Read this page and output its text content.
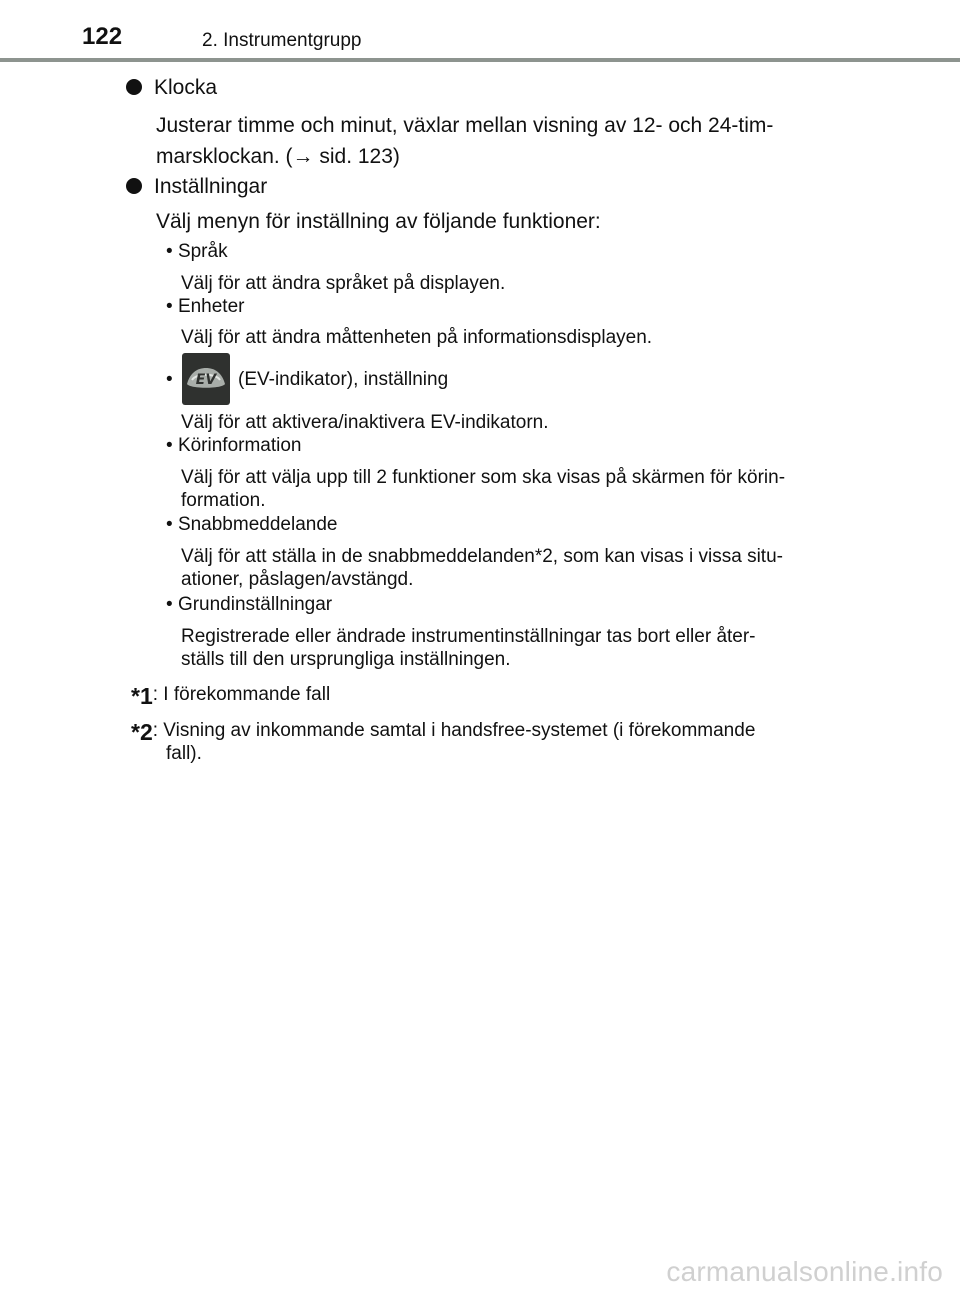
122	2. Instrumentgrupp
Klocka
Justerar timme och minut, växlar mellan visning av 12- och 24-tim-
marsklockan. (→ sid. 123)
Inställningar
Välj menyn för inställning av följande funktioner:
• Språk
Välj för att ändra språket på displayen.
• Enheter
Välj för att ändra måttenheten på informationsdisplayen.
• EV (EV-indikator), inställning
Välj för att aktivera/inaktivera EV-indikatorn.
• Körinformation
Välj för att välja upp till 2 funktioner som ska visas på skärmen för körin-
formation.
• Snabbmeddelande
Välj för att ställa in de snabbmeddelanden*2, som kan visas i vissa situ-
ationer, påslagen/avstängd.
• Grundinställningar
Registrerade eller ändrade instrumentinställningar tas bort eller åter-
ställs till den ursprungliga inställningen.
*1: I förekommande fall
*2: Visning av inkommande samtal i handsfree-systemet (i förekommande
fall).
carmanualsonline.info
